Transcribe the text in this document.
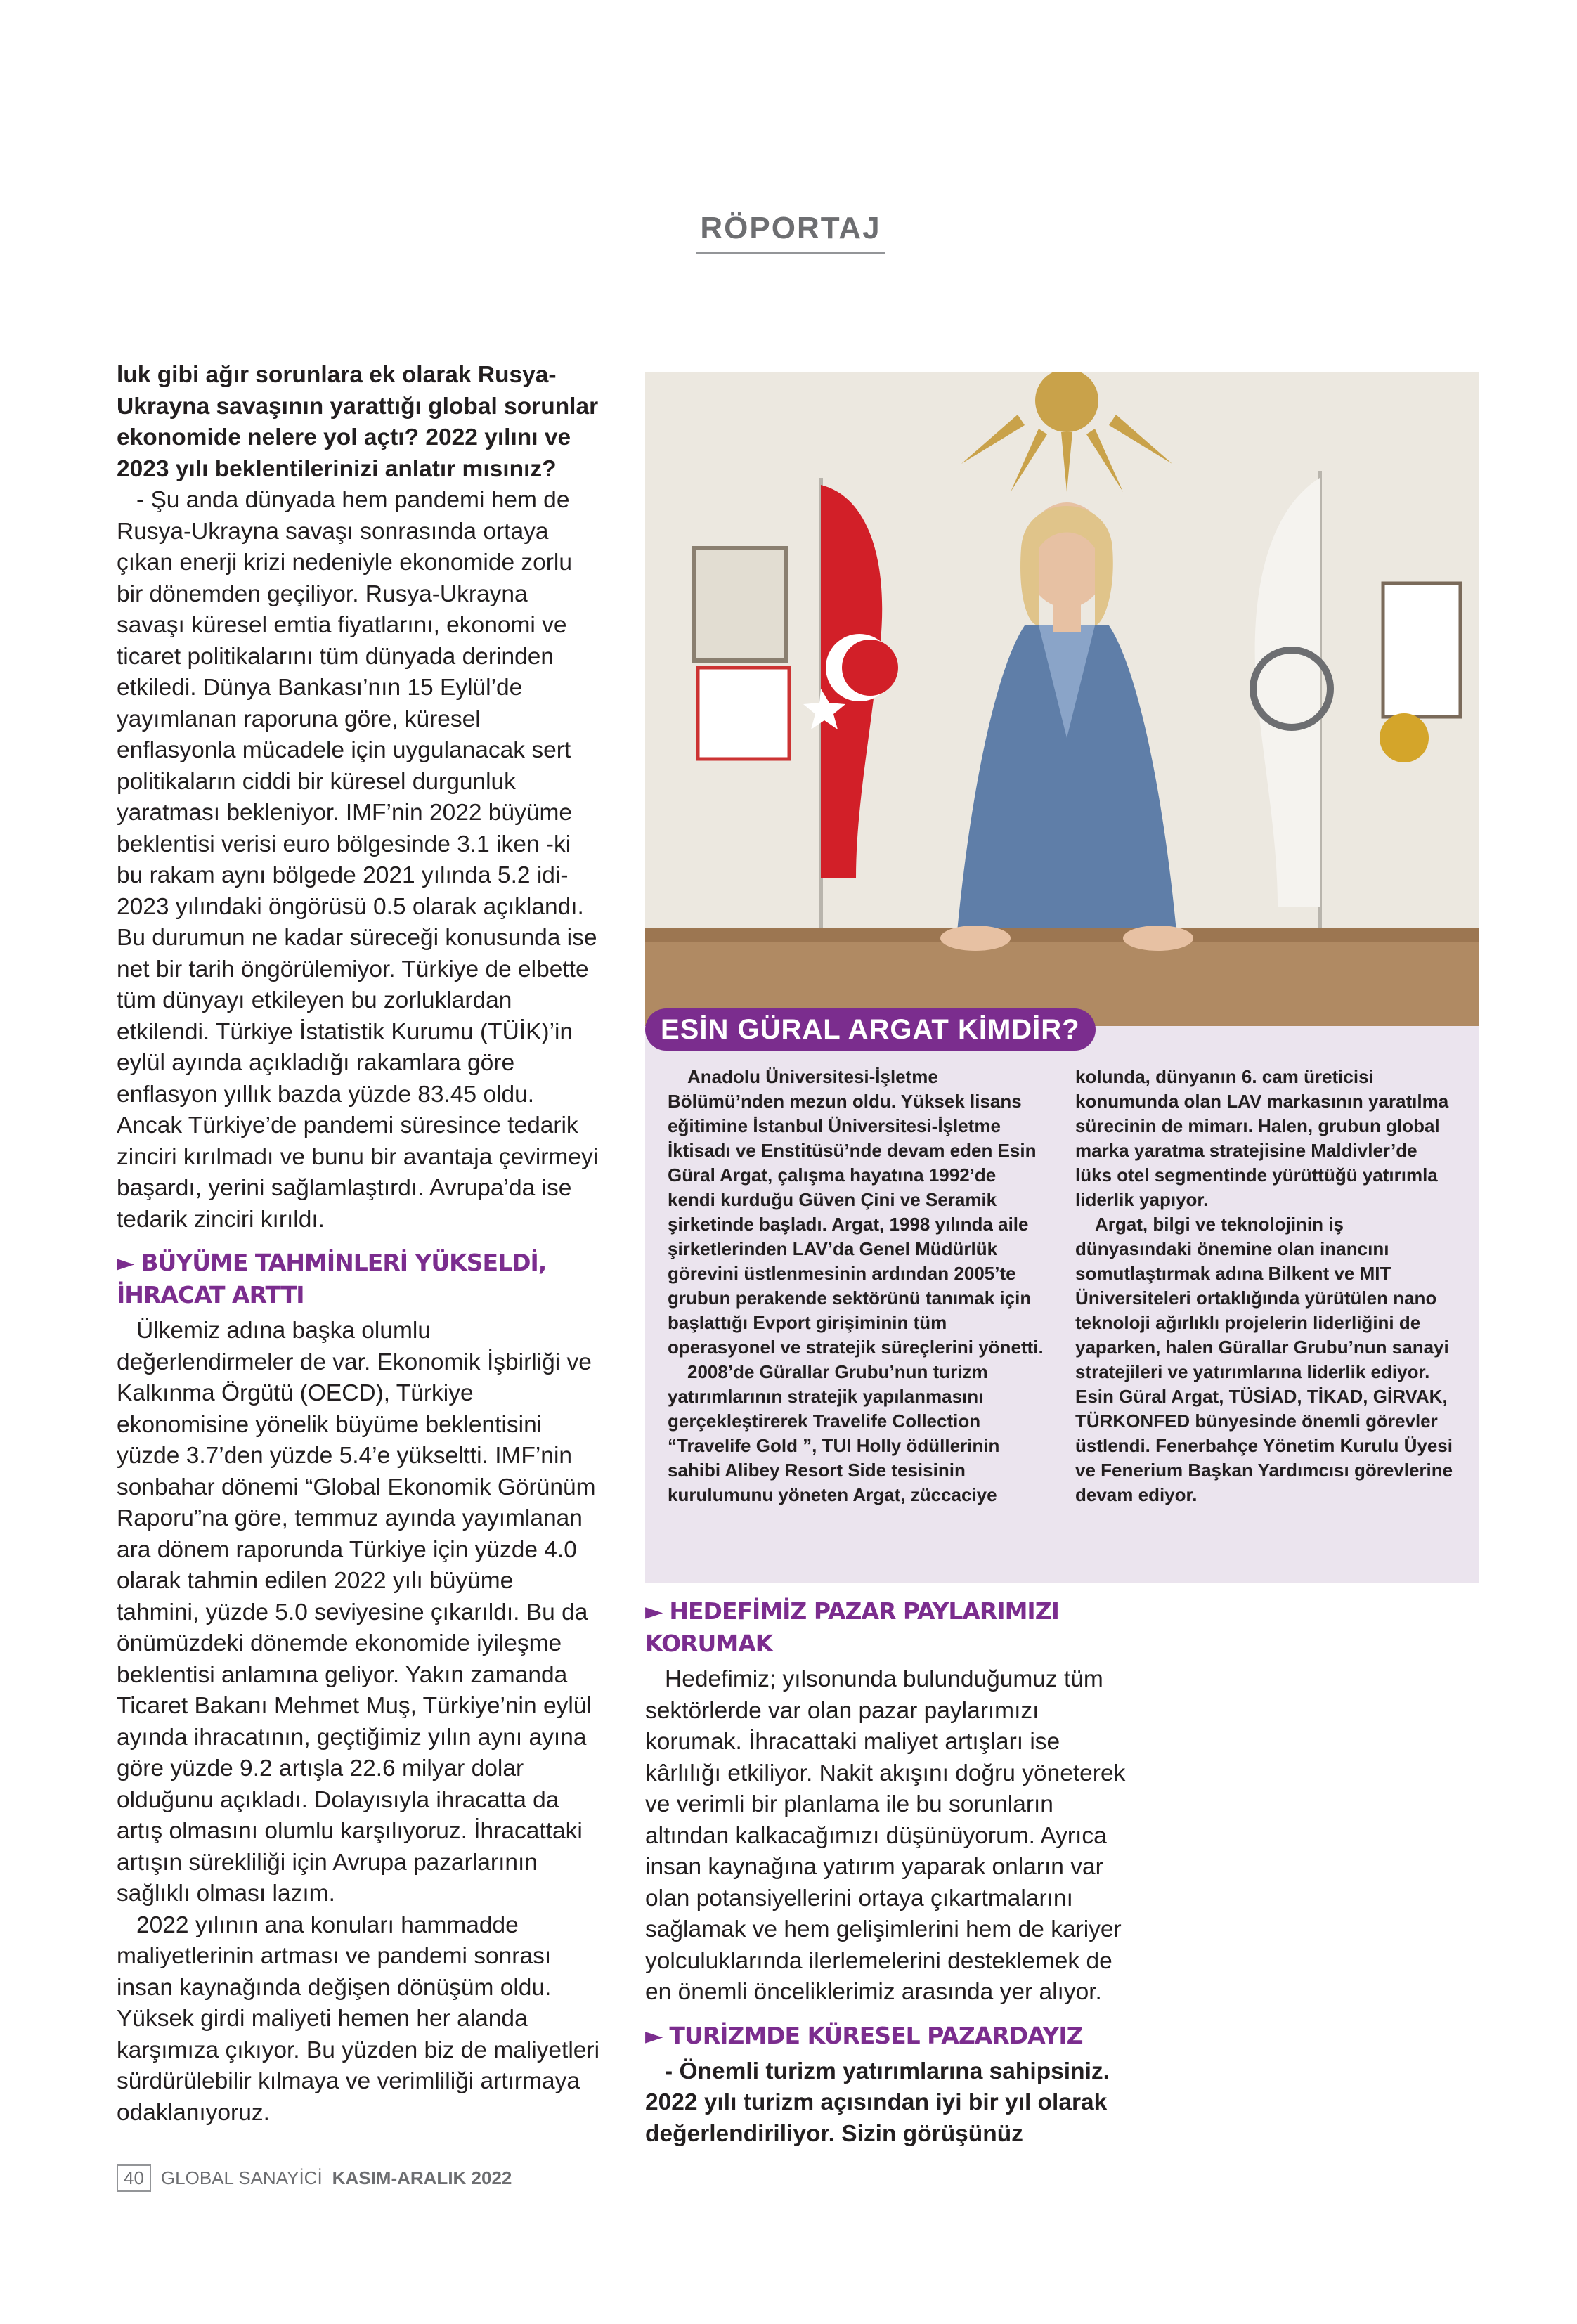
RÖPORTAJ

luk gibi ağır sorunlara ek olarak Rusya-Ukrayna savaşının yarattığı global sorunlar ekonomide nelere yol açtı? 2022 yılını ve 2023 yılı beklentilerinizi anlatır mısınız?

- Şu anda dünyada hem pandemi hem de Rusya-Ukrayna savaşı sonrasında ortaya çıkan enerji krizi nedeniyle ekonomide zorlu bir dönemden geçiliyor. Rusya-Ukrayna savaşı küresel emtia fiyatlarını, ekonomi ve ticaret politikalarını tüm dünyada derinden etkiledi. Dünya Bankası’nın 15 Eylül’de yayımlanan raporuna göre, küresel enflasyonla mücadele için uygulanacak sert politikaların ciddi bir küresel durgunluk yaratması bekleniyor. IMF’nin 2022 büyüme beklentisi verisi euro bölgesinde 3.1 iken -ki bu rakam aynı bölgede 2021 yılında 5.2 idi- 2023 yılındaki öngörüsü 0.5 olarak açıklandı. Bu durumun ne kadar süreceği konusunda ise net bir tarih öngörülemiyor. Türkiye de elbette tüm dünyayı etkileyen bu zorluklardan etkilendi. Türkiye İstatistik Kurumu (TÜİK)’in eylül ayında açıkladığı rakamlara göre enflasyon yıllık bazda yüzde 83.45 oldu. Ancak Türkiye’de pandemi süresince tedarik zinciri kırılmadı ve bunu bir avantaja çevirmeyi başardı, yerini sağlamlaştırdı. Avrupa’da ise tedarik zinciri kırıldı.

► BÜYÜME TAHMİNLERİ YÜKSELDİ, İHRACAT ARTTI

Ülkemiz adına başka olumlu değerlendirmeler de var. Ekonomik İşbirliği ve Kalkınma Örgütü (OECD), Türkiye ekonomisine yönelik büyüme beklentisini yüzde 3.7’den yüzde 5.4’e yükseltti. IMF’nin sonbahar dönemi “Global Ekonomik Görünüm Raporu”na göre, temmuz ayında yayımlanan ara dönem raporunda Türkiye için yüzde 4.0 olarak tahmin edilen 2022 yılı büyüme tahmini, yüzde 5.0 seviyesine çıkarıldı. Bu da önümüzdeki dönemde ekonomide iyileşme beklentisi anlamına geliyor. Yakın zamanda Ticaret Bakanı Mehmet Muş, Türkiye’nin eylül ayında ihracatının, geçtiğimiz yılın aynı ayına göre yüzde 9.2 artışla 22.6 milyar dolar olduğunu açıkladı. Dolayısıyla ihracatta da artış olmasını olumlu karşılıyoruz. İhracattaki artışın sürekliliği için Avrupa pazarlarının sağlıklı olması lazım.

2022 yılının ana konuları hammadde maliyetlerinin artması ve pandemi sonrası insan kaynağında değişen dönüşüm oldu. Yüksek girdi maliyeti hemen her alanda karşımıza çıkıyor. Bu yüzden biz de maliyetleri sürdürülebilir kılmaya ve verimliliği artırmaya odaklanıyoruz.

ESİN GÜRAL ARGAT KİMDİR?

Anadolu Üniversitesi-İşletme Bölümü’nden mezun oldu. Yüksek lisans eğitimine İstanbul Üniversitesi-İşletme İktisadı ve Enstitüsü’nde devam eden Esin Güral Argat, çalışma hayatına 1992’de kendi kurduğu Güven Çini ve Seramik şirketinde başladı. Argat, 1998 yılında aile şirketlerinden LAV’da Genel Müdürlük görevini üstlenmesinin ardından 2005’te grubun perakende sektörünü tanımak için başlattığı Evport girişiminin tüm operasyonel ve stratejik süreçlerini yönetti.

2008’de Gürallar Grubu’nun turizm yatırımlarının stratejik yapılanmasını gerçekleştirerek Travelife Collection “Travelife Gold ”, TUI Holly ödüllerinin sahibi Alibey Resort Side tesisinin kurulumunu yöneten Argat, züccaciye

kolunda, dünyanın 6. cam üreticisi konumunda olan LAV markasının yaratılma sürecinin de mimarı. Halen, grubun global marka yaratma stratejisine Maldivler’de lüks otel segmentinde yürüttüğü yatırımla liderlik yapıyor.

Argat, bilgi ve teknolojinin iş dünyasındaki önemine olan inancını somutlaştırmak adına Bilkent ve MIT Üniversiteleri ortaklığında yürütülen nano teknoloji ağırlıklı projelerin liderliğini de yaparken, halen Gürallar Grubu’nun sanayi stratejileri ve yatırımlarına liderlik ediyor. Esin Güral Argat, TÜSİAD, TİKAD, GİRVAK, TÜRKONFED bünyesinde önemli görevler üstlendi. Fenerbahçe Yönetim Kurulu Üyesi ve Fenerium Başkan Yardımcısı görevlerine devam ediyor.

► HEDEFİMİZ PAZAR PAYLARIMIZI KORUMAK

Hedefimiz; yılsonunda bulunduğumuz tüm sektörlerde var olan pazar paylarımızı korumak. İhracattaki maliyet artışları ise kârlılığı etkiliyor. Nakit akışını doğru yöneterek ve verimli bir planlama ile bu sorunların altından kalkacağımızı düşünüyorum. Ayrıca insan kaynağına yatırım yaparak onların var olan potansiyellerini ortaya çıkartmalarını sağlamak ve hem gelişimlerini hem de kariyer yolculuklarında ilerlemelerini desteklemek de en önemli önceliklerimiz arasında yer alıyor.

► TURİZMDE KÜRESEL PAZARDAYIZ

- Önemli turizm yatırımlarına sahipsiniz. 2022 yılı turizm açısından iyi bir yıl olarak değerlendiriliyor. Sizin görüşünüz

40 GLOBAL SANAYİCİ KASIM-ARALIK 2022
